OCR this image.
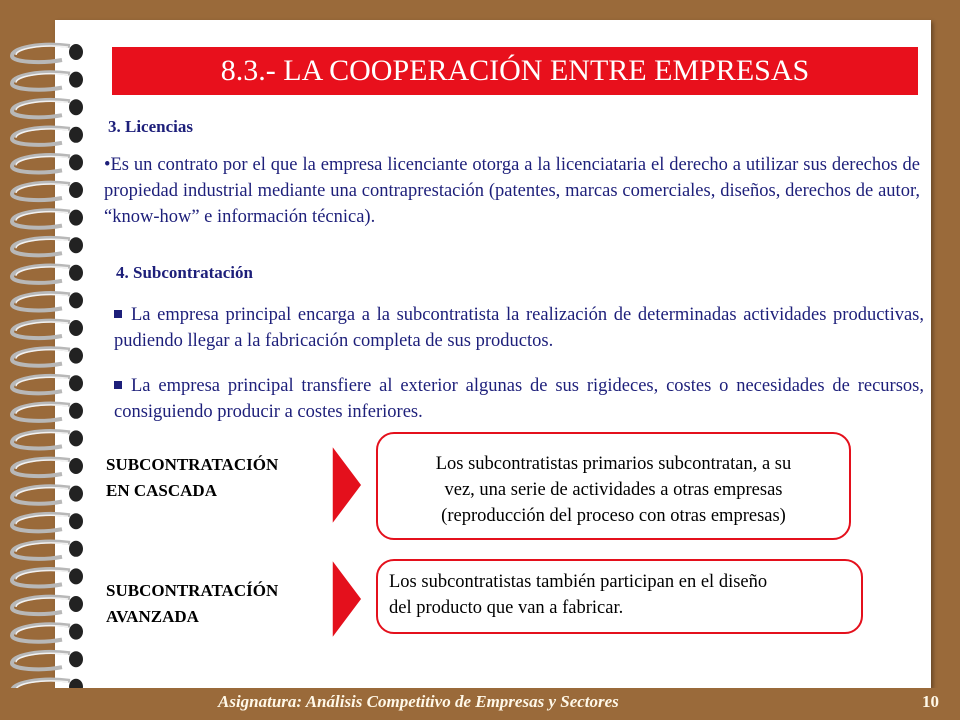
8.3.- LA COOPERACIÓN ENTRE EMPRESAS
3. Licencias
•Es un contrato por el que la empresa licenciante otorga a la licenciataria el derecho a utilizar sus derechos de propiedad industrial mediante una contraprestación (patentes, marcas comerciales, diseños, derechos de autor, “know-how” e información técnica).
4. Subcontratación
La empresa principal encarga a la subcontratista la realización de determinadas actividades productivas, pudiendo llegar a la fabricación completa de sus productos.
La empresa principal transfiere al exterior algunas de sus rigideces, costes o necesidades de recursos, consiguiendo producir a costes inferiores.
SUBCONTRATACIÓN
EN CASCADA
Los subcontratistas primarios subcontratan, a su
vez, una serie de actividades a otras empresas
(reproducción del proceso con otras empresas)
SUBCONTRATACÍÓN
AVANZADA
Los subcontratistas también participan en el diseño
del producto que van a fabricar.
Asignatura: Análisis Competitivo de Empresas y Sectores	10
